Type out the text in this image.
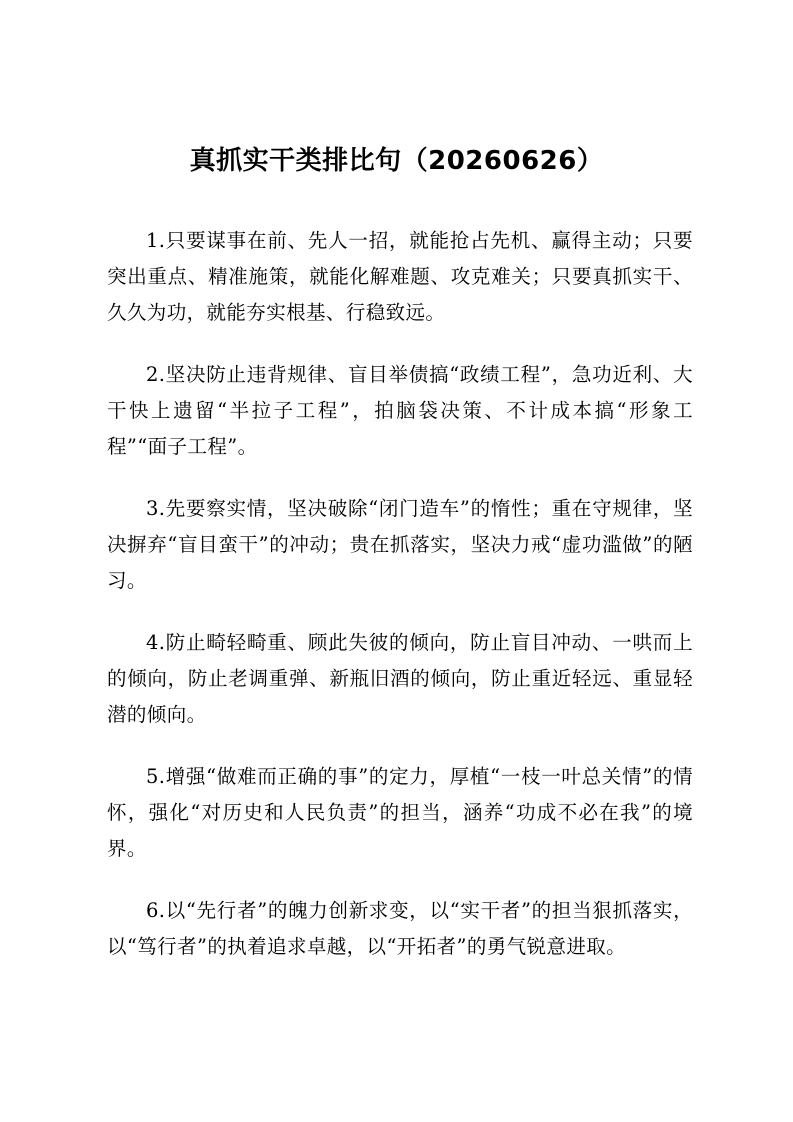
真抓实干类排比句（20260626）

1.只要谋事在前、先人一招，就能抢占先机、赢得主动；只要突出重点、精准施策，就能化解难题、攻克难关；只要真抓实干、久久为功，就能夯实根基、行稳致远。

2.坚决防止违背规律、盲目举债搞“政绩工程”，急功近利、大干快上遗留“半拉子工程”，拍脑袋决策、不计成本搞“形象工程”“面子工程”。

3.先要察实情，坚决破除“闭门造车”的惰性；重在守规律，坚决摒弃“盲目蛮干”的冲动；贵在抓落实，坚决力戒“虚功滥做”的陋习。

4.防止畸轻畸重、顾此失彼的倾向，防止盲目冲动、一哄而上的倾向，防止老调重弹、新瓶旧酒的倾向，防止重近轻远、重显轻潜的倾向。

5.增强“做难而正确的事”的定力，厚植“一枝一叶总关情”的情怀，强化“对历史和人民负责”的担当，涵养“功成不必在我”的境界。

6.以“先行者”的魄力创新求变，以“实干者”的担当狠抓落实，以“笃行者”的执着追求卓越，以“开拓者”的勇气锐意进取。
